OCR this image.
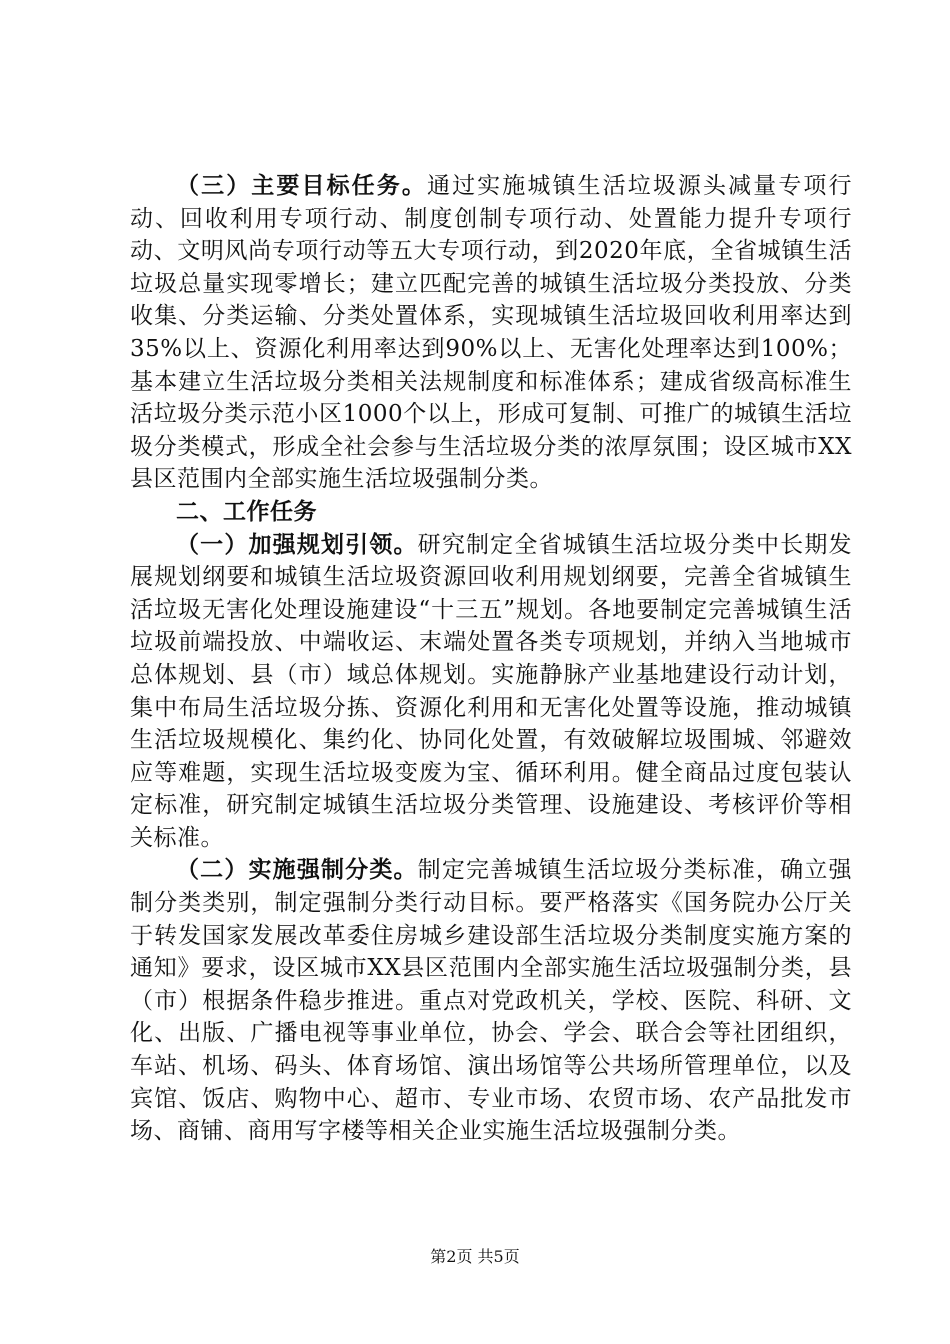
（三）主要目标任务。通过实施城镇生活垃圾源头减量专项行动、回收利用专项行动、制度创制专项行动、处置能力提升专项行动、文明风尚专项行动等五大专项行动，到2020年底，全省城镇生活垃圾总量实现零增长；建立匹配完善的城镇生活垃圾分类投放、分类收集、分类运输、分类处置体系，实现城镇生活垃圾回收利用率达到35%以上、资源化利用率达到90%以上、无害化处理率达到100%；基本建立生活垃圾分类相关法规制度和标准体系；建成省级高标准生活垃圾分类示范小区1000个以上，形成可复制、可推广的城镇生活垃圾分类模式，形成全社会参与生活垃圾分类的浓厚氛围；设区城市XX县区范围内全部实施生活垃圾强制分类。

二、工作任务

（一）加强规划引领。研究制定全省城镇生活垃圾分类中长期发展规划纲要和城镇生活垃圾资源回收利用规划纲要，完善全省城镇生活垃圾无害化处理设施建设“十三五”规划。各地要制定完善城镇生活垃圾前端投放、中端收运、末端处置各类专项规划，并纳入当地城市总体规划、县（市）域总体规划。实施静脉产业基地建设行动计划，集中布局生活垃圾分拣、资源化利用和无害化处置等设施，推动城镇生活垃圾规模化、集约化、协同化处置，有效破解垃圾围城、邻避效应等难题，实现生活垃圾变废为宝、循环利用。健全商品过度包装认定标准，研究制定城镇生活垃圾分类管理、设施建设、考核评价等相关标准。

（二）实施强制分类。制定完善城镇生活垃圾分类标准，确立强制分类类别，制定强制分类行动目标。要严格落实《国务院办公厅关于转发国家发展改革委住房城乡建设部生活垃圾分类制度实施方案的通知》要求，设区城市XX县区范围内全部实施生活垃圾强制分类，县（市）根据条件稳步推进。重点对党政机关，学校、医院、科研、文化、出版、广播电视等事业单位，协会、学会、联合会等社团组织，车站、机场、码头、体育场馆、演出场馆等公共场所管理单位，以及宾馆、饭店、购物中心、超市、专业市场、农贸市场、农产品批发市场、商铺、商用写字楼等相关企业实施生活垃圾强制分类。

第2页 共5页
